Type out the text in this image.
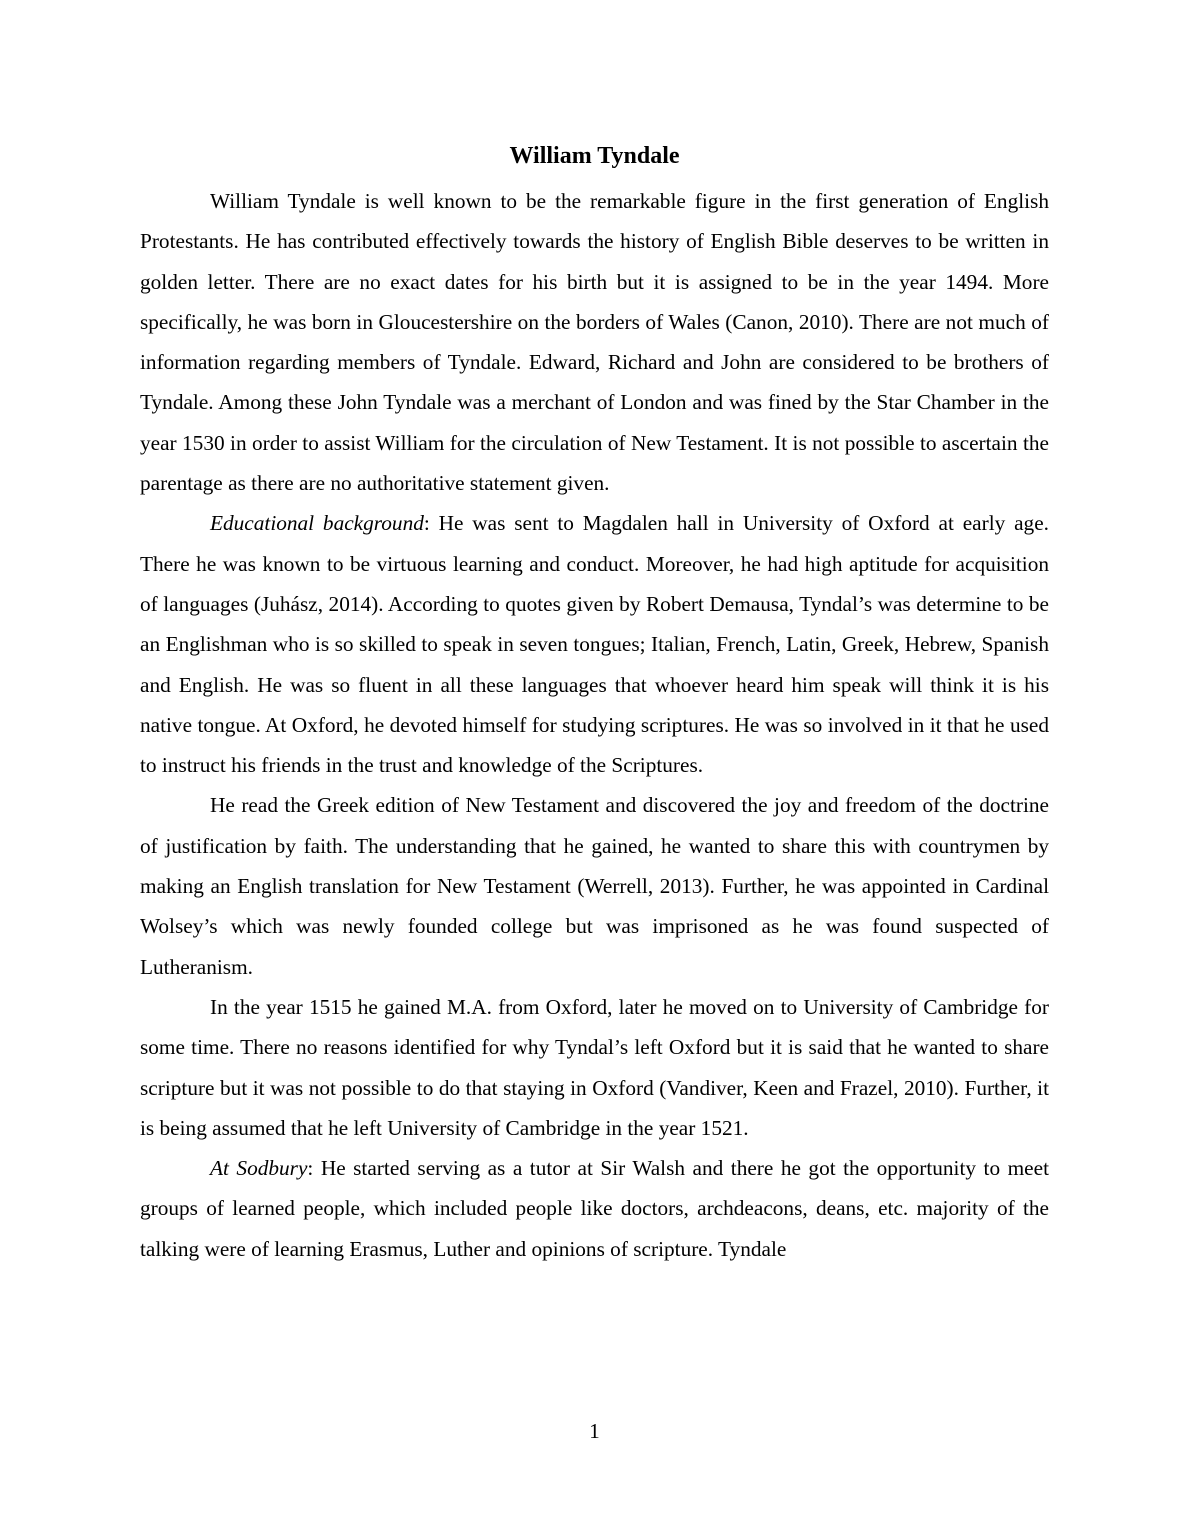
William Tyndale

William Tyndale is well known to be the remarkable figure in the first generation of English Protestants. He has contributed effectively towards the history of English Bible deserves to be written in golden letter. There are no exact dates for his birth but it is assigned to be in the year 1494. More specifically, he was born in Gloucestershire on the borders of Wales (Canon, 2010). There are not much of information regarding members of Tyndale. Edward, Richard and John are considered to be brothers of Tyndale. Among these John Tyndale was a merchant of London and was fined by the Star Chamber in the year 1530 in order to assist William for the circulation of New Testament. It is not possible to ascertain the parentage as there are no authoritative statement given.

Educational background: He was sent to Magdalen hall in University of Oxford at early age. There he was known to be virtuous learning and conduct. Moreover, he had high aptitude for acquisition of languages (Juhász, 2014). According to quotes given by Robert Demausa, Tyndal’s was determine to be an Englishman who is so skilled to speak in seven tongues; Italian, French, Latin, Greek, Hebrew, Spanish and English. He was so fluent in all these languages that whoever heard him speak will think it is his native tongue. At Oxford, he devoted himself for studying scriptures. He was so involved in it that he used to instruct his friends in the trust and knowledge of the Scriptures.

He read the Greek edition of New Testament and discovered the joy and freedom of the doctrine of justification by faith. The understanding that he gained, he wanted to share this with countrymen by making an English translation for New Testament (Werrell, 2013). Further, he was appointed in Cardinal Wolsey’s which was newly founded college but was imprisoned as he was found suspected of Lutheranism.

In the year 1515 he gained M.A. from Oxford, later he moved on to University of Cambridge for some time. There no reasons identified for why Tyndal’s left Oxford but it is said that he wanted to share scripture but it was not possible to do that staying in Oxford (Vandiver, Keen and Frazel, 2010). Further, it is being assumed that he left University of Cambridge in the year 1521.

At Sodbury: He started serving as a tutor at Sir Walsh and there he got the opportunity to meet groups of learned people, which included people like doctors, archdeacons, deans, etc. majority of the talking were of learning Erasmus, Luther and opinions of scripture. Tyndale

1
